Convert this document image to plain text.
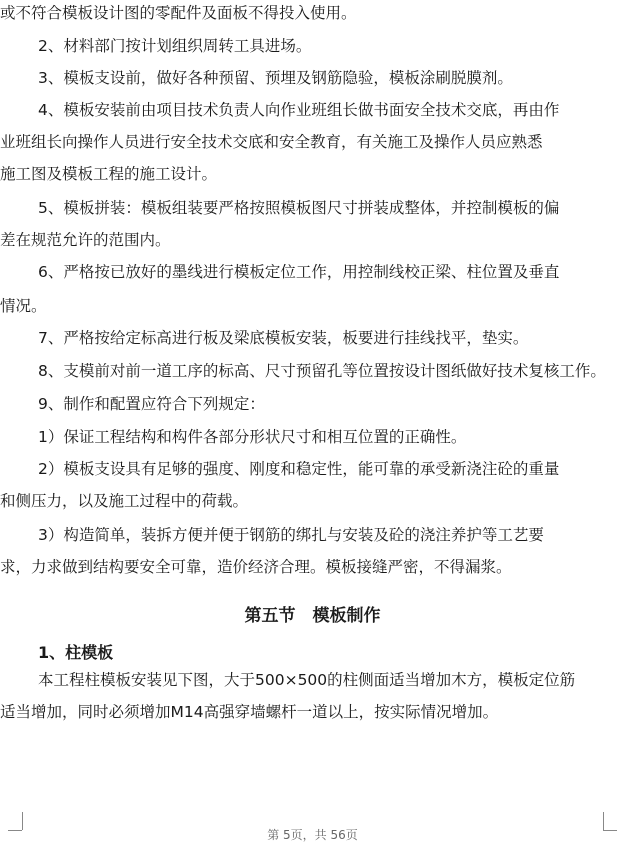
或不符合模板设计图的零配件及面板不得投入使用。
2、材料部门按计划组织周转工具进场。
3、模板支设前，做好各种预留、预埋及钢筋隐验，模板涂刷脱膜剂。
4、模板安装前由项目技术负责人向作业班组长做书面安全技术交底，再由作
业班组长向操作人员进行安全技术交底和安全教育，有关施工及操作人员应熟悉
施工图及模板工程的施工设计。
5、模板拼装：模板组装要严格按照模板图尺寸拼装成整体，并控制模板的偏
差在规范允许的范围内。
6、严格按已放好的墨线进行模板定位工作，用控制线校正梁、柱位置及垂直
情况。
7、严格按给定标高进行板及梁底模板安装，板要进行挂线找平，垫实。
8、支模前对前一道工序的标高、尺寸预留孔等位置按设计图纸做好技术复核工作。
9、制作和配置应符合下列规定：
1）保证工程结构和构件各部分形状尺寸和相互位置的正确性。
2）模板支设具有足够的强度、刚度和稳定性，能可靠的承受新浇注砼的重量
和侧压力，以及施工过程中的荷载。
3）构造简单，装拆方便并便于钢筋的绑扎与安装及砼的浇注养护等工艺要
求，力求做到结构要安全可靠，造价经济合理。模板接缝严密，不得漏浆。
第五节　模板制作
1、柱模板
本工程柱模板安装见下图，大于500×500的柱侧面适当增加木方，模板定位筋
适当增加，同时必须增加M14高强穿墙螺杆一道以上，按实际情况增加。
第 5页，共 56页
